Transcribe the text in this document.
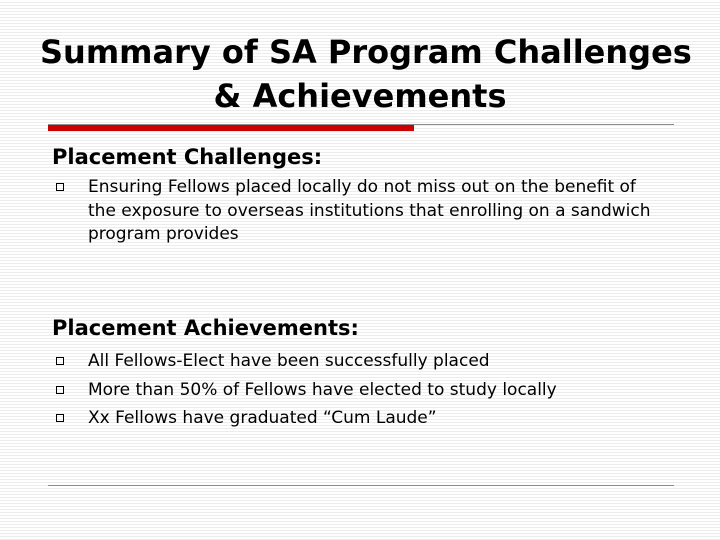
Summary of SA Program Challenges
& Achievements
Placement Challenges:
Ensuring Fellows placed locally do not miss out on the benefit of the exposure to overseas institutions that enrolling on a sandwich program provides
Placement Achievements:
All Fellows-Elect have been successfully placed
More than 50% of Fellows have elected to study locally
Xx Fellows have graduated “Cum Laude”
